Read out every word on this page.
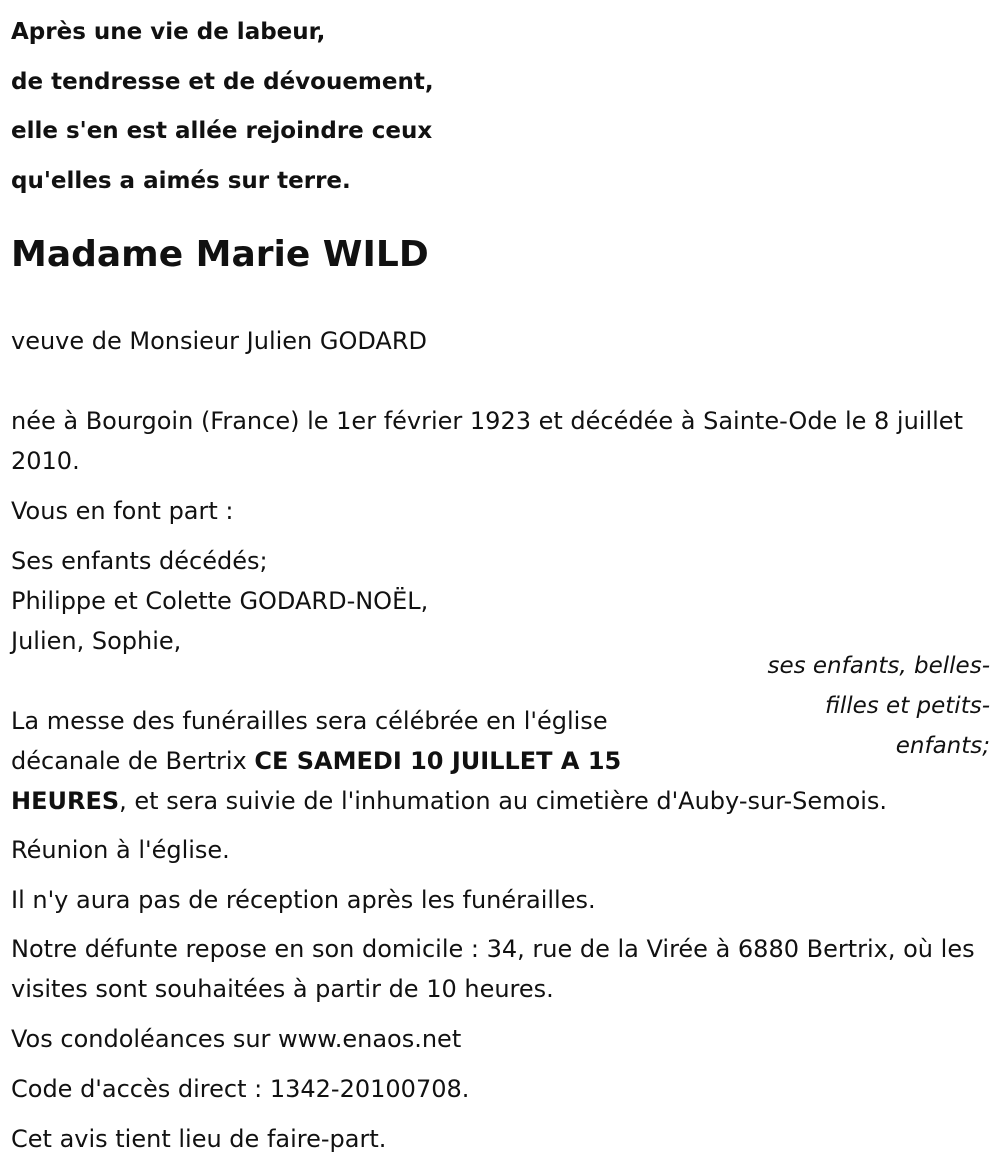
Après une vie de labeur,
de tendresse et de dévouement,
elle s'en est allée rejoindre ceux
qu'elles a aimés sur terre.
Madame Marie WILD
veuve de Monsieur Julien GODARD
née à Bourgoin (France) le 1er février 1923 et décédée à Sainte-Ode le 8 juillet 2010.
Vous en font part :
Ses enfants décédés;
Philippe et Colette GODARD-NOËL,
Julien, Sophie,
ses enfants, belles-filles et petits-enfants;
La messe des funérailles sera célébrée en l'église décanale de Bertrix CE SAMEDI 10 JUILLET A 15 HEURES, et sera suivie de l'inhumation au cimetière d'Auby-sur-Semois.
Réunion à l'église.
Il n'y aura pas de réception après les funérailles.
Notre défunte repose en son domicile : 34, rue de la Virée à 6880 Bertrix, où les visites sont souhaitées à partir de 10 heures.
Vos condoléances sur www.enaos.net
Code d'accès direct : 1342-20100708.
Cet avis tient lieu de faire-part.
